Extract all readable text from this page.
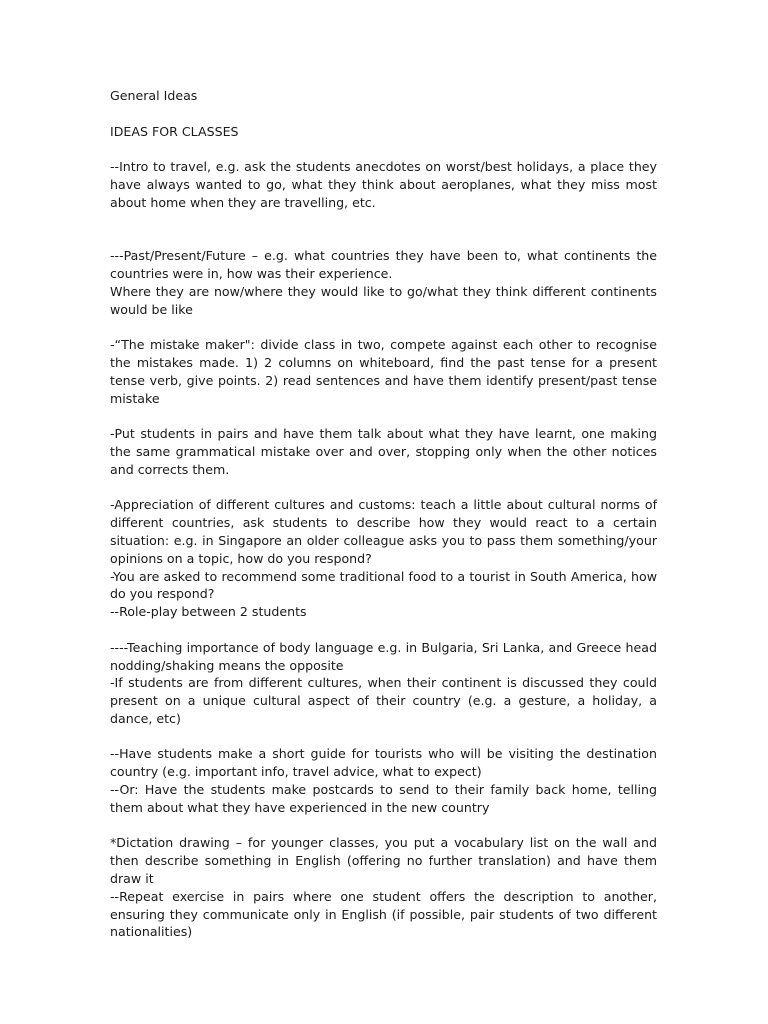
General Ideas

IDEAS FOR CLASSES

--Intro to travel, e.g. ask the students anecdotes on worst/best holidays, a place they have always wanted to go, what they think about aeroplanes, what they miss most about home when they are travelling, etc.

---Past/Present/Future – e.g. what countries they have been to, what continents the countries were in, how was their experience.

Where they are now/where they would like to go/what they think different continents would be like

-“The mistake maker": divide class in two, compete against each other to recognise the mistakes made. 1) 2 columns on whiteboard, find the past tense for a present tense verb, give points. 2) read sentences and have them identify present/past tense mistake

-Put students in pairs and have them talk about what they have learnt, one making the same grammatical mistake over and over, stopping only when the other notices and corrects them.

-Appreciation of different cultures and customs: teach a little about cultural norms of different countries, ask students to describe how they would react to a certain situation: e.g. in Singapore an older colleague asks you to pass them something/your opinions on a topic, how do you respond?

-You are asked to recommend some traditional food to a tourist in South America, how do you respond?

--Role-play between 2 students

----Teaching importance of body language e.g. in Bulgaria, Sri Lanka, and Greece head nodding/shaking means the opposite

-If students are from different cultures, when their continent is discussed they could present on a unique cultural aspect of their country (e.g. a gesture, a holiday, a dance, etc)

--Have students make a short guide for tourists who will be visiting the destination country (e.g. important info, travel advice, what to expect)

--Or: Have the students make postcards to send to their family back home, telling them about what they have experienced in the new country

*Dictation drawing – for younger classes, you put a vocabulary list on the wall and then describe something in English (offering no further translation) and have them draw it

--Repeat exercise in pairs where one student offers the description to another, ensuring they communicate only in English (if possible, pair students of two different nationalities)
